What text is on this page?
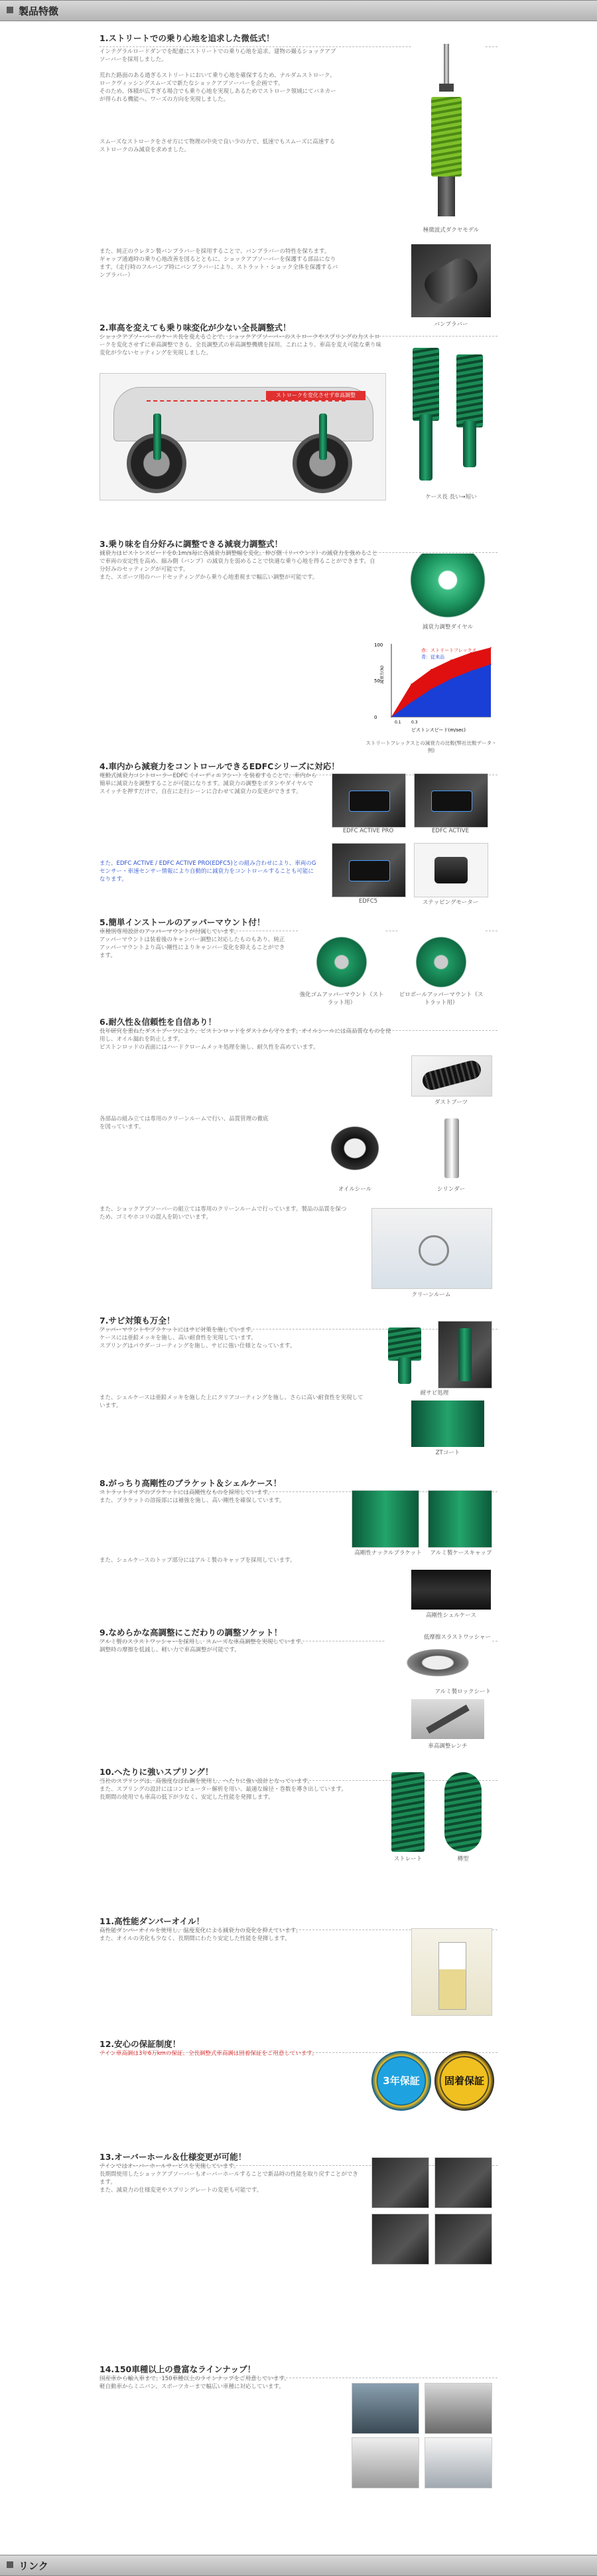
製品特徴
1.ストリートでの乗り心地を追求した微低式！
インテグラルロードダンでを配慮にストリートでの乗り心地を追求。建物の撮るショックアブソーバーを採用しました。

荒れた路面のある過ぎるストリートにおいて乗り心地を確保するため、ナルダムストローク、ロークヴィッシングスムーズで新たなショックアブソーバーを企画です。
そのため、体積が広すぎる場合でも乗り心地を実現しあるためでストローク領域にてバネカーが得られる機能へ、ワーズの方向を実現しました。
スムーズなストロークをさせ方にて物理の中央で良い少の力で、低速でもスムーズに高速するストロークのみ減衰を求めました。
極微波式ダクヤモデル
また、純正のウレタン製バンプラバーを採用することで、バンプラバーの特性を保ちます。
ギャップ通過時の乗り心地改善を図るとともに、ショックアブソーバーを保護する部品になります。（走行時のフルバンプ時にバンプラバーにより、ストラット・ショック全体を保護するバンプラバー）
バンプラバー
2.車高を変えても乗り味変化が少ない全長調整式！
ショックアブソーバーのケース長を変えることで、ショックアブソーバーのストロークやスプリングの力ストロークを変化させずに車高調整できる、全長調整式の車高調整機構を採用。これにより、車高を変え可能な乗り味変化が少ないセッティングを実現しました。
ストロークを変化させず車高調整
ケース長 長い→短い
3.乗り味を自分好みに調整できる減衰力調整式！
減衰力はピストンスピードを0.1m/s毎に各減衰力調整幅を変化。伸び側（リバウンド）の減衰力を強めることで車両の安定性を高め、縮み側（バンプ）の減衰力を弱めることで快適な乗り心地を得ることができます。自分好みのセッティングが可能です。
また、スポーツ用のハードセッティングから乗り心地重視まで幅広い調整が可能です。
減衰力調整ダイヤル
0
50
100
0.1	0.3
ピストンスピード(m/sec)
減衰力(N)
赤：ストリートフレックス
青：従来品
ストリートフレックスとの減衰力の比較(弊社比較データ・例)
4.車内から減衰力をコントロールできるEDFCシリーズに対応！
電動式減衰力コントローラーEDFC（イーディエフシー）を装着することで、車内から簡単に減衰力を調整することが可能になります。減衰力の調整をボタンやダイヤルでスイッチを押すだけで、自在に走行シーンに合わせて減衰力の変更ができます。
また、EDFC ACTIVE / EDFC ACTIVE PRO(EDFC5)との組み合わせにより、車両のGセンサー・車速センサー情報により自動的に減衰力をコントロールすることも可能になります。
EDFC ACTIVE PRO	EDFC ACTIVE
EDFC5	ステッピングモーター
5.簡単インストールのアッパーマウント付！
車種別専用設計のアッパーマウントが付属しています。
アッパーマウントは装着後のキャンバー調整に対応したものもあり、純正アッパーマウントより高い剛性によりキャンバー変化を抑えることができます。
強化ゴムアッパーマウント（ストラット用）
ピロボールアッパーマウント（ストラット用）
6.耐久性＆信頼性を自信あり！
長年研究を重ねたダストブーツにより、ピストンロッドをダストから守ります。オイルシールには高品質なものを使用し、オイル漏れを防止します。
ピストンロッドの表面にはハードクロームメッキ処理を施し、耐久性を高めています。
ダストブーツ
各部品の組み立ては専用のクリーンルームで行い、品質管理の徹底を図っています。
オイルシール	シリンダー
また、ショックアブソーバーの組立ては専用のクリーンルームで行っています。製品の品質を保つため、ゴミやホコリの混入を防いでいます。
クリーンルーム
7.サビ対策も万全！
アッパーマウントやブラケットにはサビ対策を施しています。
ケースには亜鉛メッキを施し、高い耐食性を実現しています。
スプリングはパウダーコーティングを施し、サビに強い仕様となっています。
また、シェルケースは亜鉛メッキを施した上にクリアコーティングを施し、さらに高い耐食性を実現しています。
耐サビ処理
ZTコート
8.がっちり高剛性のブラケット＆シェルケース！
ストラットタイプのブラケットには高剛性なものを採用しています。
また、ブラケットの溶接部には補強を施し、高い剛性を確保しています。
また、シェルケースのトップ部分にはアルミ製のキャップを採用しています。
高剛性ナックルブラケット	アルミ製ケースキャップ
高剛性シェルケース
9.なめらかな高調整にこだわりの調整ソケット！
アルミ製のスラストワッシャーを採用し、スムーズな車高調整を実現しています。
調整時の摩擦を低減し、軽い力で車高調整が可能です。
低摩擦スラストワッシャー
アルミ製ロックシート
車高調整レンチ
10.へたりに強いスプリング！
当社のスプリングは、高強度なばね鋼を使用し、へたりに強い設計となっています。
また、スプリングの設計にはコンピューター解析を用い、最適な線径・巻数を導き出しています。
長期間の使用でも車高の低下が少なく、安定した性能を発揮します。
ストレート	樽型
11.高性能ダンパーオイル！
高性能ダンパーオイルを使用し、温度変化による減衰力の変化を抑えています。
また、オイルの劣化も少なく、長期間にわたり安定した性能を発揮します。
12.安心の保証制度！
テイン車高調は3年6万kmの保証、全長調整式車高調は固着保証をご用意しています。
3年保証	固着保証
13.オーバーホール＆仕様変更が可能！
テインではオーバーホールサービスを実施しています。
長期間使用したショックアブソーバーもオーバーホールすることで新品時の性能を取り戻すことができます。
また、減衰力の仕様変更やスプリングレートの変更も可能です。
14.150車種以上の豊富なラインナップ！
国産車から輸入車まで、150車種以上のラインナップをご用意しています。
軽自動車からミニバン、スポーツカーまで幅広い車種に対応しています。
リンク
